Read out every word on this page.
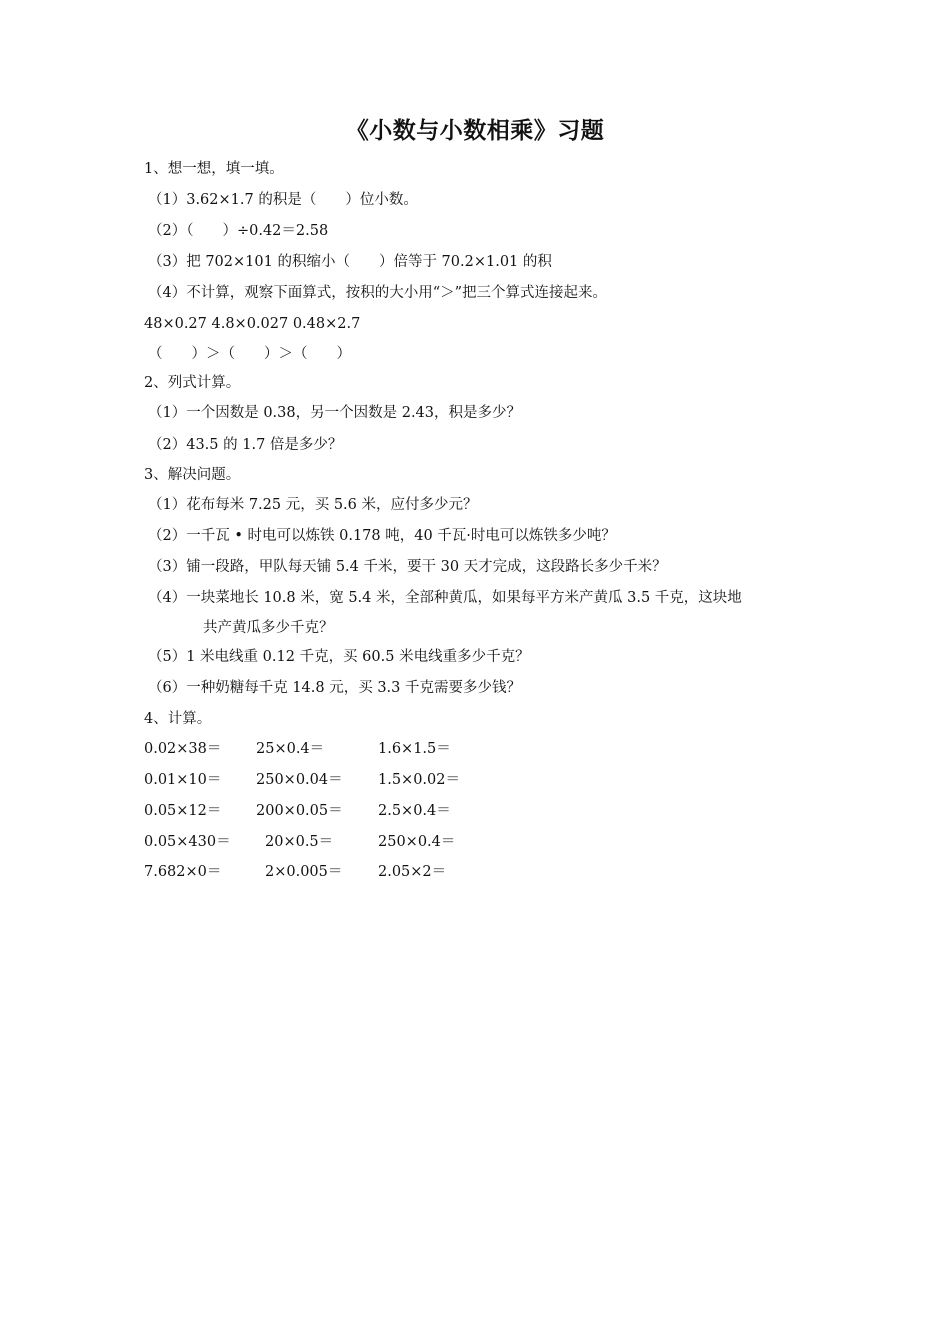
《小数与小数相乘》习题
1、想一想，填一填。
（1）3.62×1.7 的积是（　　）位小数。
（2）（　　）÷0.42＝2.58
（3）把 702×101 的积缩小（　　）倍等于 70.2×1.01 的积
（4）不计算，观察下面算式，按积的大小用“＞”把三个算式连接起来。
48×0.27 4.8×0.027 0.48×2.7
（　　）＞（　　）＞（　　）
2、列式计算。
（1）一个因数是 0.38，另一个因数是 2.43，积是多少？
（2）43.5 的 1.7 倍是多少？
3、解决问题。
（1）花布每米 7.25 元，买 5.6 米，应付多少元？
（2）一千瓦 • 时电可以炼铁 0.178 吨，40 千瓦·时电可以炼铁多少吨？
（3）铺一段路，甲队每天铺 5.4 千米，要干 30 天才完成，这段路长多少千米？
（4）一块菜地长 10.8 米，宽 5.4 米，全部种黄瓜，如果每平方米产黄瓜 3.5 千克，这块地
共产黄瓜多少千克？
（5）1 米电线重 0.12 千克，买 60.5 米电线重多少千克？
（6）一种奶糖每千克 14.8 元，买 3.3 千克需要多少钱？
4、计算。
0.02×38＝ 25×0.4＝	1.6×1.5＝
0.01×10＝ 250×0.04＝ 1.5×0.02＝
0.05×12＝ 200×0.05＝ 2.5×0.4＝
0.05×430＝ 20×0.5＝	250×0.4＝
7.682×0＝	2×0.005＝ 2.05×2＝
